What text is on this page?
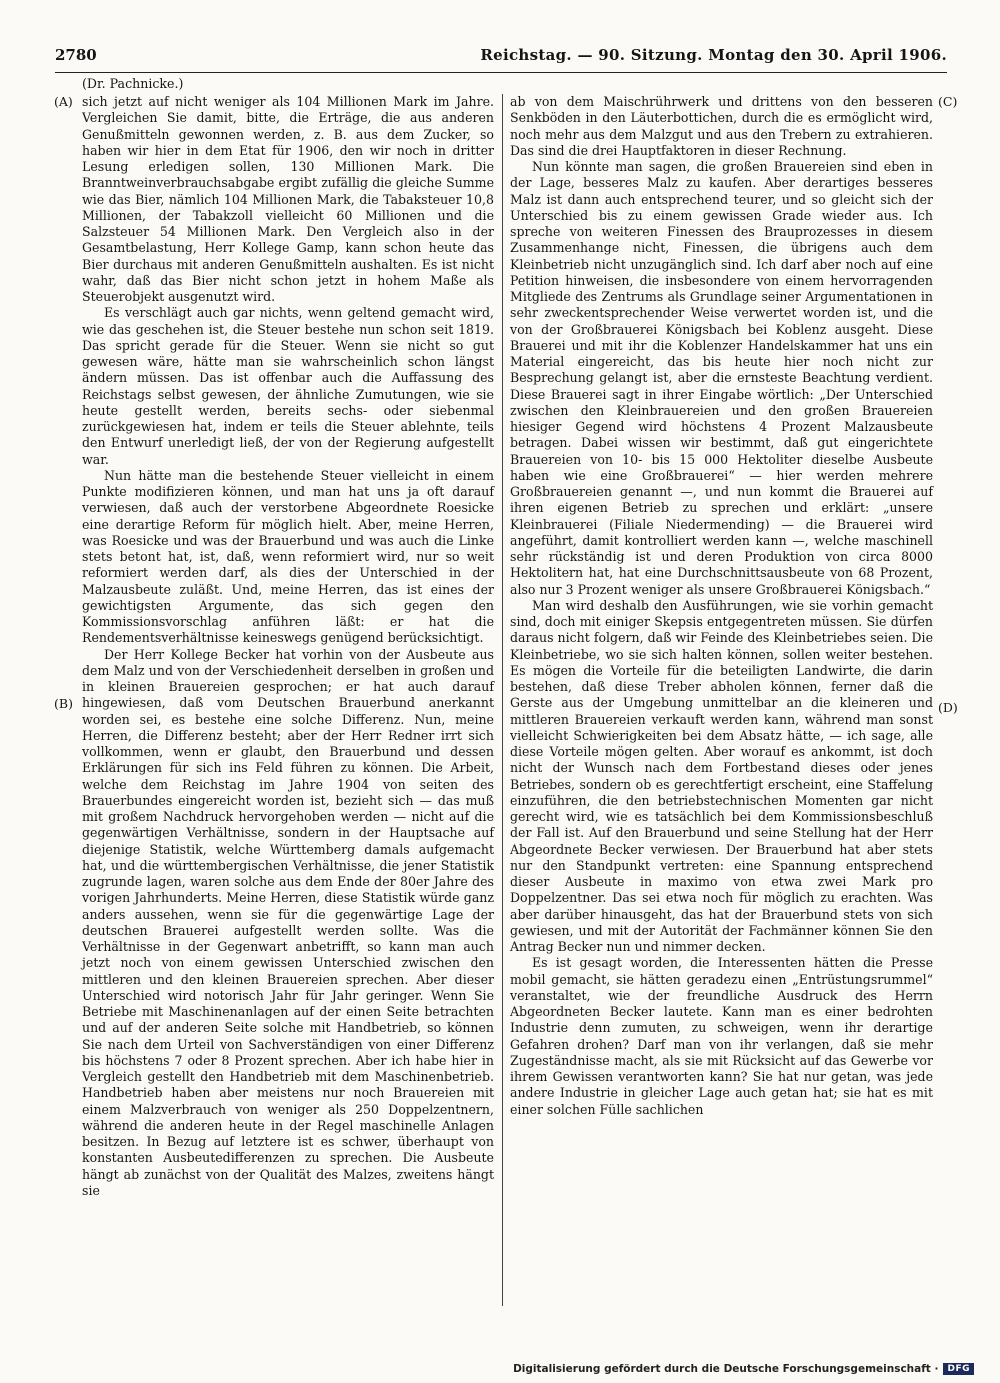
2780	Reichstag. — 90. Sitzung. Montag den 30. April 1906.
(Dr. Pachnicke.)
(A)
(B)
(C)
(D)

sich jetzt auf nicht weniger als 104 Millionen Mark im Jahre. Vergleichen Sie damit, bitte, die Erträge, die aus anderen Genußmitteln gewonnen werden, z. B. aus dem Zucker, so haben wir hier in dem Etat für 1906, den wir noch in dritter Lesung erledigen sollen, 130 Millionen Mark. Die Branntweinverbrauchsabgabe ergibt zufällig die gleiche Summe wie das Bier, nämlich 104 Millionen Mark, die Tabaksteuer 10,8 Millionen, der Tabakzoll vielleicht 60 Millionen und die Salzsteuer 54 Millionen Mark. Den Vergleich also in der Gesamtbelastung, Herr Kollege Gamp, kann schon heute das Bier durchaus mit anderen Genußmitteln aushalten. Es ist nicht wahr, daß das Bier nicht schon jetzt in hohem Maße als Steuerobjekt ausgenutzt wird.

Es verschlägt auch gar nichts, wenn geltend gemacht wird, wie das geschehen ist, die Steuer bestehe nun schon seit 1819. Das spricht gerade für die Steuer. Wenn sie nicht so gut gewesen wäre, hätte man sie wahrscheinlich schon längst ändern müssen. Das ist offenbar auch die Auffassung des Reichstags selbst gewesen, der ähnliche Zumutungen, wie sie heute gestellt werden, bereits sechs- oder siebenmal zurückgewiesen hat, indem er teils die Steuer ablehnte, teils den Entwurf unerledigt ließ, der von der Regierung aufgestellt war.

Nun hätte man die bestehende Steuer vielleicht in einem Punkte modifizieren können, und man hat uns ja oft darauf verwiesen, daß auch der verstorbene Abgeordnete Roesicke eine derartige Reform für möglich hielt. Aber, meine Herren, was Roesicke und was der Brauerbund und was auch die Linke stets betont hat, ist, daß, wenn reformiert wird, nur so weit reformiert werden darf, als dies der Unterschied in der Malzausbeute zuläßt. Und, meine Herren, das ist eines der gewichtigsten Argumente, das sich gegen den Kommissionsvorschlag anführen läßt: er hat die Rendementsverhältnisse keineswegs genügend berücksichtigt.

Der Herr Kollege Becker hat vorhin von der Ausbeute aus dem Malz und von der Verschiedenheit derselben in großen und in kleinen Brauereien gesprochen; er hat auch darauf hingewiesen, daß vom Deutschen Brauerbund anerkannt worden sei, es bestehe eine solche Differenz. Nun, meine Herren, die Differenz besteht; aber der Herr Redner irrt sich vollkommen, wenn er glaubt, den Brauerbund und dessen Erklärungen für sich ins Feld führen zu können. Die Arbeit, welche dem Reichstag im Jahre 1904 von seiten des Brauerbundes eingereicht worden ist, bezieht sich — das muß mit großem Nachdruck hervorgehoben werden — nicht auf die gegenwärtigen Verhältnisse, sondern in der Hauptsache auf diejenige Statistik, welche Württemberg damals aufgemacht hat, und die württembergischen Verhältnisse, die jener Statistik zugrunde lagen, waren solche aus dem Ende der 80er Jahre des vorigen Jahrhunderts. Meine Herren, diese Statistik würde ganz anders aussehen, wenn sie für die gegenwärtige Lage der deutschen Brauerei aufgestellt werden sollte. Was die Verhältnisse in der Gegenwart anbetrifft, so kann man auch jetzt noch von einem gewissen Unterschied zwischen den mittleren und den kleinen Brauereien sprechen. Aber dieser Unterschied wird notorisch Jahr für Jahr geringer. Wenn Sie Betriebe mit Maschinenanlagen auf der einen Seite betrachten und auf der anderen Seite solche mit Handbetrieb, so können Sie nach dem Urteil von Sachverständigen von einer Differenz bis höchstens 7 oder 8 Prozent sprechen. Aber ich habe hier in Vergleich gestellt den Handbetrieb mit dem Maschinenbetrieb. Handbetrieb haben aber meistens nur noch Brauereien mit einem Malzverbrauch von weniger als 250 Doppelzentnern, während die anderen heute in der Regel maschinelle Anlagen besitzen. In Bezug auf letztere ist es schwer, überhaupt von konstanten Ausbeutedifferenzen zu sprechen. Die Ausbeute hängt ab zunächst von der Qualität des Malzes, zweitens hängt sie

ab von dem Maischrührwerk und drittens von den besseren Senkböden in den Läuterbottichen, durch die es ermöglicht wird, noch mehr aus dem Malzgut und aus den Trebern zu extrahieren. Das sind die drei Hauptfaktoren in dieser Rechnung.

Nun könnte man sagen, die großen Brauereien sind eben in der Lage, besseres Malz zu kaufen. Aber derartiges besseres Malz ist dann auch entsprechend teurer, und so gleicht sich der Unterschied bis zu einem gewissen Grade wieder aus. Ich spreche von weiteren Finessen des Brauprozesses in diesem Zusammenhange nicht, Finessen, die übrigens auch dem Kleinbetrieb nicht unzugänglich sind. Ich darf aber noch auf eine Petition hinweisen, die insbesondere von einem hervorragenden Mitgliede des Zentrums als Grundlage seiner Argumentationen in sehr zweckentsprechender Weise verwertet worden ist, und die von der Großbrauerei Königsbach bei Koblenz ausgeht. Diese Brauerei und mit ihr die Koblenzer Handelskammer hat uns ein Material eingereicht, das bis heute hier noch nicht zur Besprechung gelangt ist, aber die ernsteste Beachtung verdient. Diese Brauerei sagt in ihrer Eingabe wörtlich: „Der Unterschied zwischen den Kleinbrauereien und den großen Brauereien hiesiger Gegend wird höchstens 4 Prozent Malzausbeute betragen. Dabei wissen wir bestimmt, daß gut eingerichtete Brauereien von 10- bis 15 000 Hektoliter dieselbe Ausbeute haben wie eine Großbrauerei“ — hier werden mehrere Großbrauereien genannt —, und nun kommt die Brauerei auf ihren eigenen Betrieb zu sprechen und erklärt: „unsere Kleinbrauerei (Filiale Niedermending) — die Brauerei wird angeführt, damit kontrolliert werden kann —, welche maschinell sehr rückständig ist und deren Produktion von circa 8000 Hektolitern hat, hat eine Durchschnittsausbeute von 68 Prozent, also nur 3 Prozent weniger als unsere Großbrauerei Königsbach.“

Man wird deshalb den Ausführungen, wie sie vorhin gemacht sind, doch mit einiger Skepsis entgegentreten müssen. Sie dürfen daraus nicht folgern, daß wir Feinde des Kleinbetriebes seien. Die Kleinbetriebe, wo sie sich halten können, sollen weiter bestehen. Es mögen die Vorteile für die beteiligten Landwirte, die darin bestehen, daß diese Treber abholen können, ferner daß die Gerste aus der Umgebung unmittelbar an die kleineren und mittleren Brauereien verkauft werden kann, während man sonst vielleicht Schwierigkeiten bei dem Absatz hätte, — ich sage, alle diese Vorteile mögen gelten. Aber worauf es ankommt, ist doch nicht der Wunsch nach dem Fortbestand dieses oder jenes Betriebes, sondern ob es gerechtfertigt erscheint, eine Staffelung einzuführen, die den betriebstechnischen Momenten gar nicht gerecht wird, wie es tatsächlich bei dem Kommissionsbeschluß der Fall ist. Auf den Brauerbund und seine Stellung hat der Herr Abgeordnete Becker verwiesen. Der Brauerbund hat aber stets nur den Standpunkt vertreten: eine Spannung entsprechend dieser Ausbeute in maximo von etwa zwei Mark pro Doppelzentner. Das sei etwa noch für möglich zu erachten. Was aber darüber hinausgeht, das hat der Brauerbund stets von sich gewiesen, und mit der Autorität der Fachmänner können Sie den Antrag Becker nun und nimmer decken.

Es ist gesagt worden, die Interessenten hätten die Presse mobil gemacht, sie hätten geradezu einen „Entrüstungsrummel“ veranstaltet, wie der freundliche Ausdruck des Herrn Abgeordneten Becker lautete. Kann man es einer bedrohten Industrie denn zumuten, zu schweigen, wenn ihr derartige Gefahren drohen? Darf man von ihr verlangen, daß sie mehr Zugeständnisse macht, als sie mit Rücksicht auf das Gewerbe vor ihrem Gewissen verantworten kann? Sie hat nur getan, was jede andere Industrie in gleicher Lage auch getan hat; sie hat es mit einer solchen Fülle sachlichen

Digitalisierung gefördert durch die Deutsche Forschungsgemeinschaft ·	DFG
